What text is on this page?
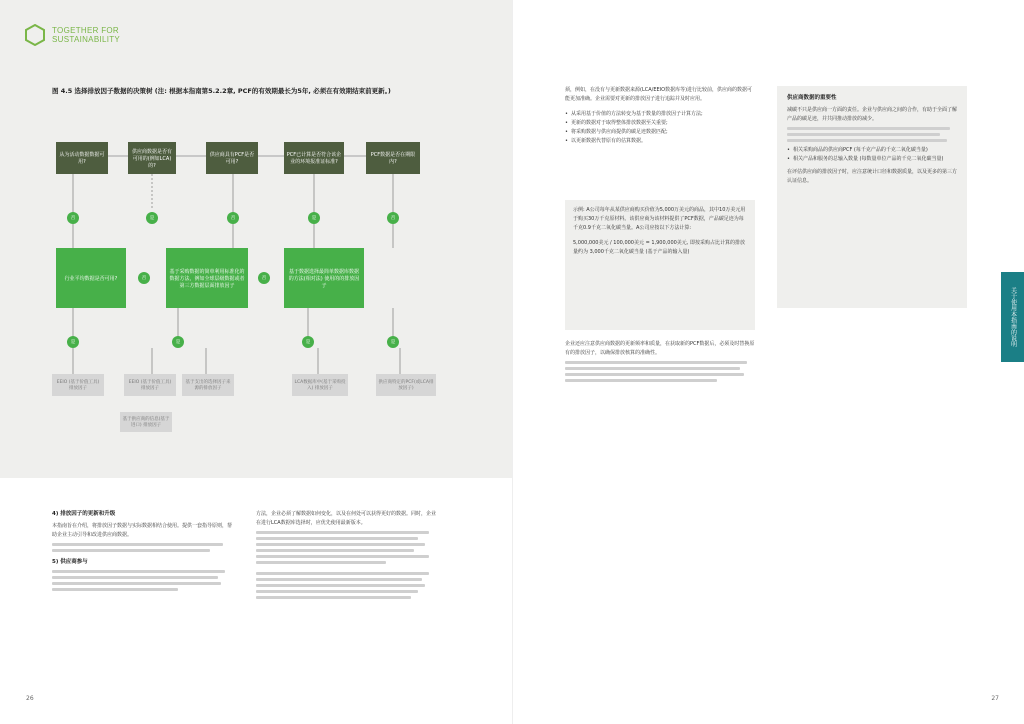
TOGETHER FOR
SUSTAINABILITY
图 4.5 选择排放因子数据的决策树 (注: 根据本指南第5.2.2章, PCF的有效期最长为5年, 必须在有效期结束前更新。)
从为活动数据数据可用?
供应商数据是否有可用的(例如LCA)的?
供应商具有PCF是否可用?
PCF已计算是否符合该企业的环境报准证标准?
PCF数据是否在期限内?
否	是	否	是	否
行业平均数据是否可用?	否
基于采购数据的简单利用标准化的数据方法，例如全球层级数据或者第三方数据层面排放因子
否
基于数据选择最简单数据库数据的方法(相对法) 使用的的排放因子
是	是	是	是
EEIO (基于价值工具) 排放因子
EEIO (基于价值工具) 排放因子
基于支出的选择因子来源的排放因子
LCA数据库中(基于采购投入) 排放因子
供应商特定的PCF(或LCA排放因子)
基于供应商的信息(基于进口) 排放因子
4) 排放因子的更新和升级
本指南旨在介绍，将排放因子数据与实际数据相结合使用。提供一套指导原则，帮助企业主动引导和改进供应商数据。
5) 供应商参与
方法，企业必须了解数据如何变化，以及在何处可以获得更好的数据。同时，企业在进行LCA数据库选择时，应优先使用最新版本。
26
须，例如，在没有与更新数据来源(LCA/EEIO数据库等)进行比较前，供应商的数据可能更加准确。企业需要对更新的排放因子进行追踪并及时应用。
• 从采用基于价值的方法转变为基于数量的排放因子计算方法;
• 更新的数据对于取得整体排放数据至关重要;
• 将采购数据与供应商提供的碳足迹数据匹配;
• 以更新数据代替原有的估算数据。
示例: A公司每年从某供应商购买价值为5,000万美元的商品，其中10万美元用于购买30万千克原材料。该供应商为该材料提供了PCF数据，产品碳足迹为每千克0.9千克二氧化碳当量。A公司应按以下方法计算:
5,000,000美元 / 100,000美元 = 1,900,000美元, 即按采购占比计算的排放量约为 3,000千克二氧化碳当量 (基于产品的输入量)
企业还应注意供应商数据的更新频率和质量，在获取新的PCF数据后，必须及时替换原有的排放因子，以确保排放核算的准确性。
供应商数据的重要性
减碳不只是供应商一方面的责任。企业与供应商之间的合作，有助于全面了解产品的碳足迹，并共同推动排放的减少。
• 相关采购商品的供应商PCF (每千克产品的千克二氧化碳当量)
• 相关产品和服务的总输入数量 (每数量单位产品的千克二氧化碳当量)
在评估供应商的排放因子时，应注意统计口径和数据质量，以及更多的第三方认证信息。
关于使用本指南的说明
27
